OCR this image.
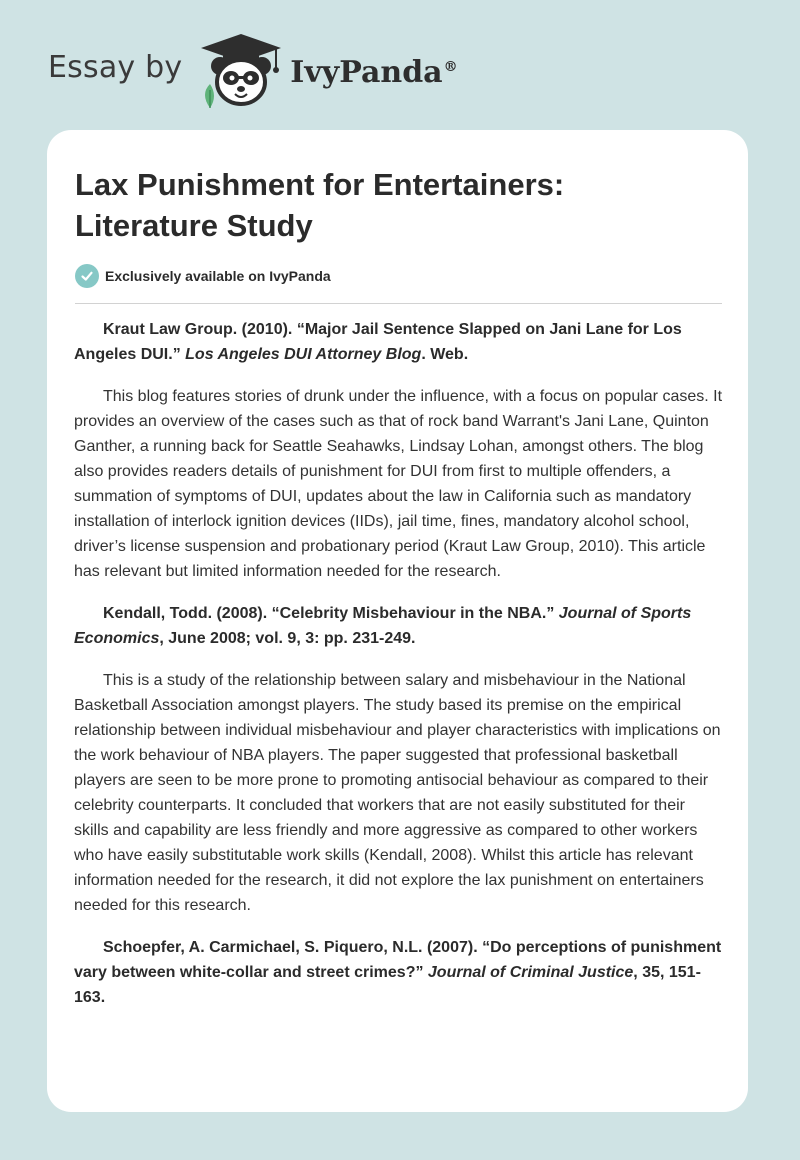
Essay by	IvyPanda®
Lax Punishment for Entertainers: Literature Study
Exclusively available on IvyPanda

Kraut Law Group. (2010). “Major Jail Sentence Slapped on Jani Lane for Los Angeles DUI.” Los Angeles DUI Attorney Blog. Web.

This blog features stories of drunk under the influence, with a focus on popular cases. It provides an overview of the cases such as that of rock band Warrant's Jani Lane, Quinton Ganther, a running back for Seattle Seahawks, Lindsay Lohan, amongst others. The blog also provides readers details of punishment for DUI from first to multiple offenders, a summation of symptoms of DUI, updates about the law in California such as mandatory installation of interlock ignition devices (IIDs), jail time, fines, mandatory alcohol school, driver’s license suspension and probationary period (Kraut Law Group, 2010). This article has relevant but limited information needed for the research.

Kendall, Todd. (2008). “Celebrity Misbehaviour in the NBA.” Journal of Sports Economics, June 2008; vol. 9, 3: pp. 231-249.

This is a study of the relationship between salary and misbehaviour in the National Basketball Association amongst players. The study based its premise on the empirical relationship between individual misbehaviour and player characteristics with implications on the work behaviour of NBA players. The paper suggested that professional basketball players are seen to be more prone to promoting antisocial behaviour as compared to their celebrity counterparts. It concluded that workers that are not easily substituted for their skills and capability are less friendly and more aggressive as compared to other workers who have easily substitutable work skills (Kendall, 2008). Whilst this article has relevant information needed for the research, it did not explore the lax punishment on entertainers needed for this research.

Schoepfer, A. Carmichael, S. Piquero, N.L. (2007). “Do perceptions of punishment vary between white-collar and street crimes?” Journal of Criminal Justice, 35, 151-163.
